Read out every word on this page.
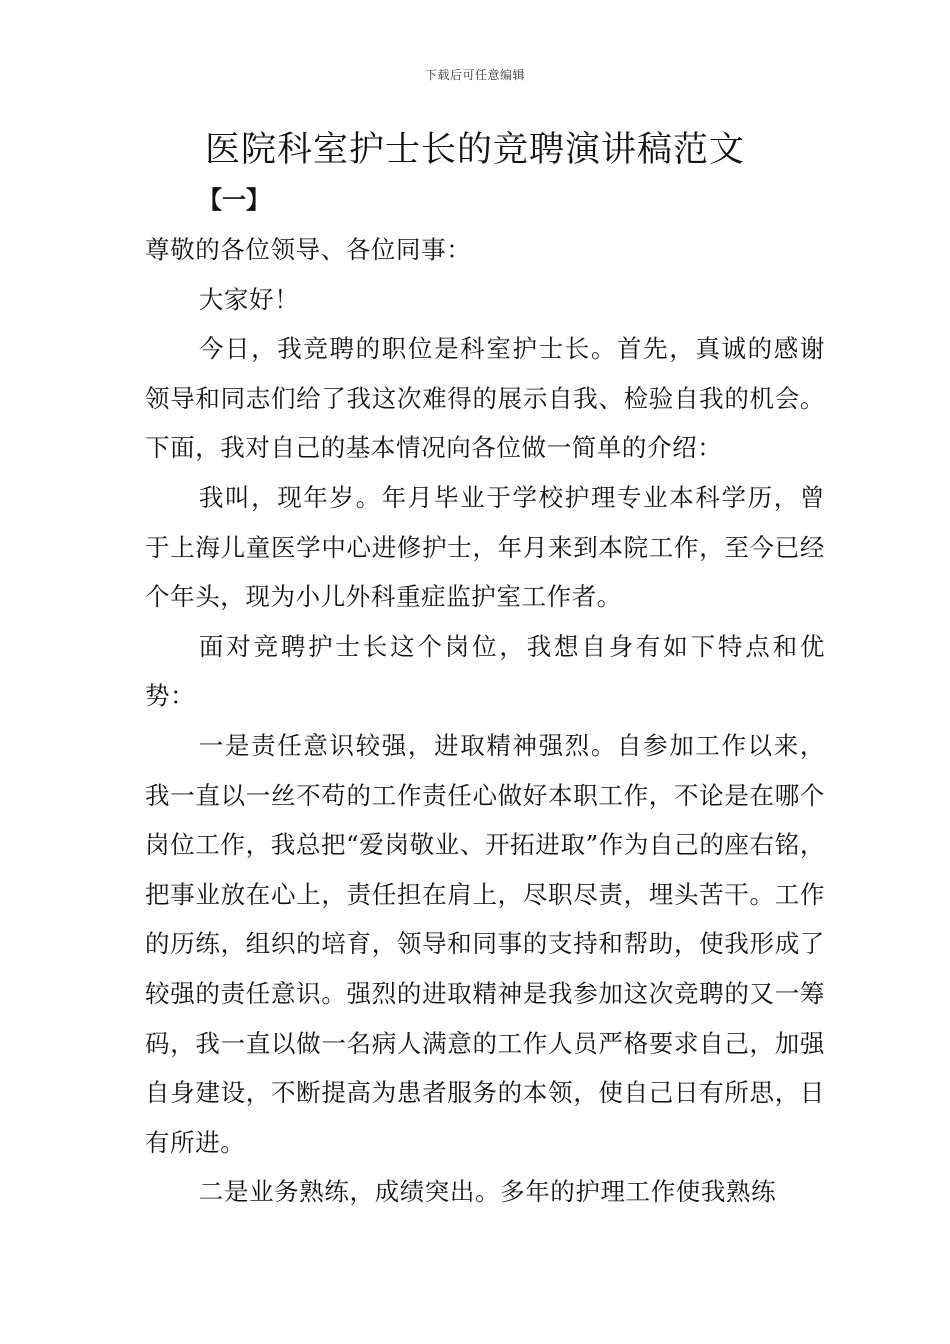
下载后可任意编辑
医院科室护士长的竞聘演讲稿范文
【一】

尊敬的各位领导、各位同事：

大家好！

今日，我竞聘的职位是科室护士长。首先，真诚的感谢领导和同志们给了我这次难得的展示自我、检验自我的机会。下面，我对自己的基本情况向各位做一简单的介绍：

我叫，现年岁。年月毕业于学校护理专业本科学历，曾于上海儿童医学中心进修护士，年月来到本院工作，至今已经个年头，现为小儿外科重症监护室工作者。

面对竞聘护士长这个岗位，我想自身有如下特点和优势：

一是责任意识较强，进取精神强烈。自参加工作以来，我一直以一丝不苟的工作责任心做好本职工作，不论是在哪个岗位工作，我总把“爱岗敬业、开拓进取”作为自己的座右铭，把事业放在心上，责任担在肩上，尽职尽责，埋头苦干。工作的历练，组织的培育，领导和同事的支持和帮助，使我形成了较强的责任意识。强烈的进取精神是我参加这次竞聘的又一筹码，我一直以做一名病人满意的工作人员严格要求自己，加强自身建设，不断提高为患者服务的本领，使自己日有所思，日有所进。

二是业务熟练，成绩突出。多年的护理工作使我熟练
